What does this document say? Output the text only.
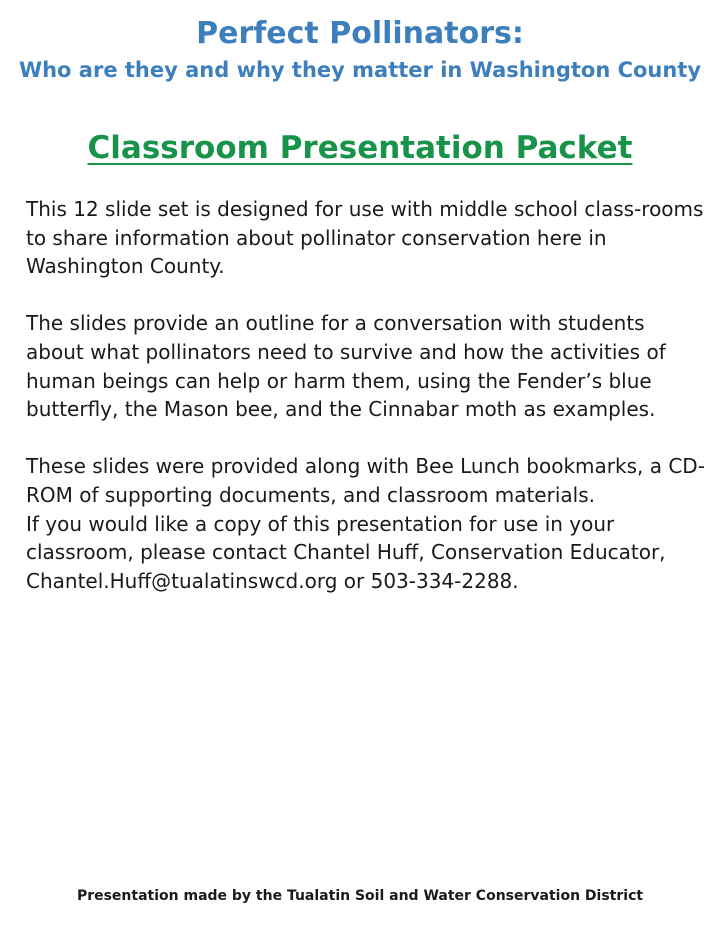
Perfect Pollinators:
Who are they and why they matter in Washington County
Classroom Presentation Packet

This 12 slide set is designed for use with middle school class-rooms to share information about pollinator conservation here in Washington County.

The slides provide an outline for a conversation with students about what pollinators need to survive and how the activities of human beings can help or harm them, using the Fender’s blue butterfly, the Mason bee, and the Cinnabar moth as examples.

These slides were provided along with Bee Lunch bookmarks, a CD-ROM of supporting documents, and classroom materials.

If you would like a copy of this presentation for use in your classroom, please contact Chantel Huff, Conservation Educator, Chantel.Huff@tualatinswcd.org or 503-334-2288.

Presentation made by the Tualatin Soil and Water Conservation District
